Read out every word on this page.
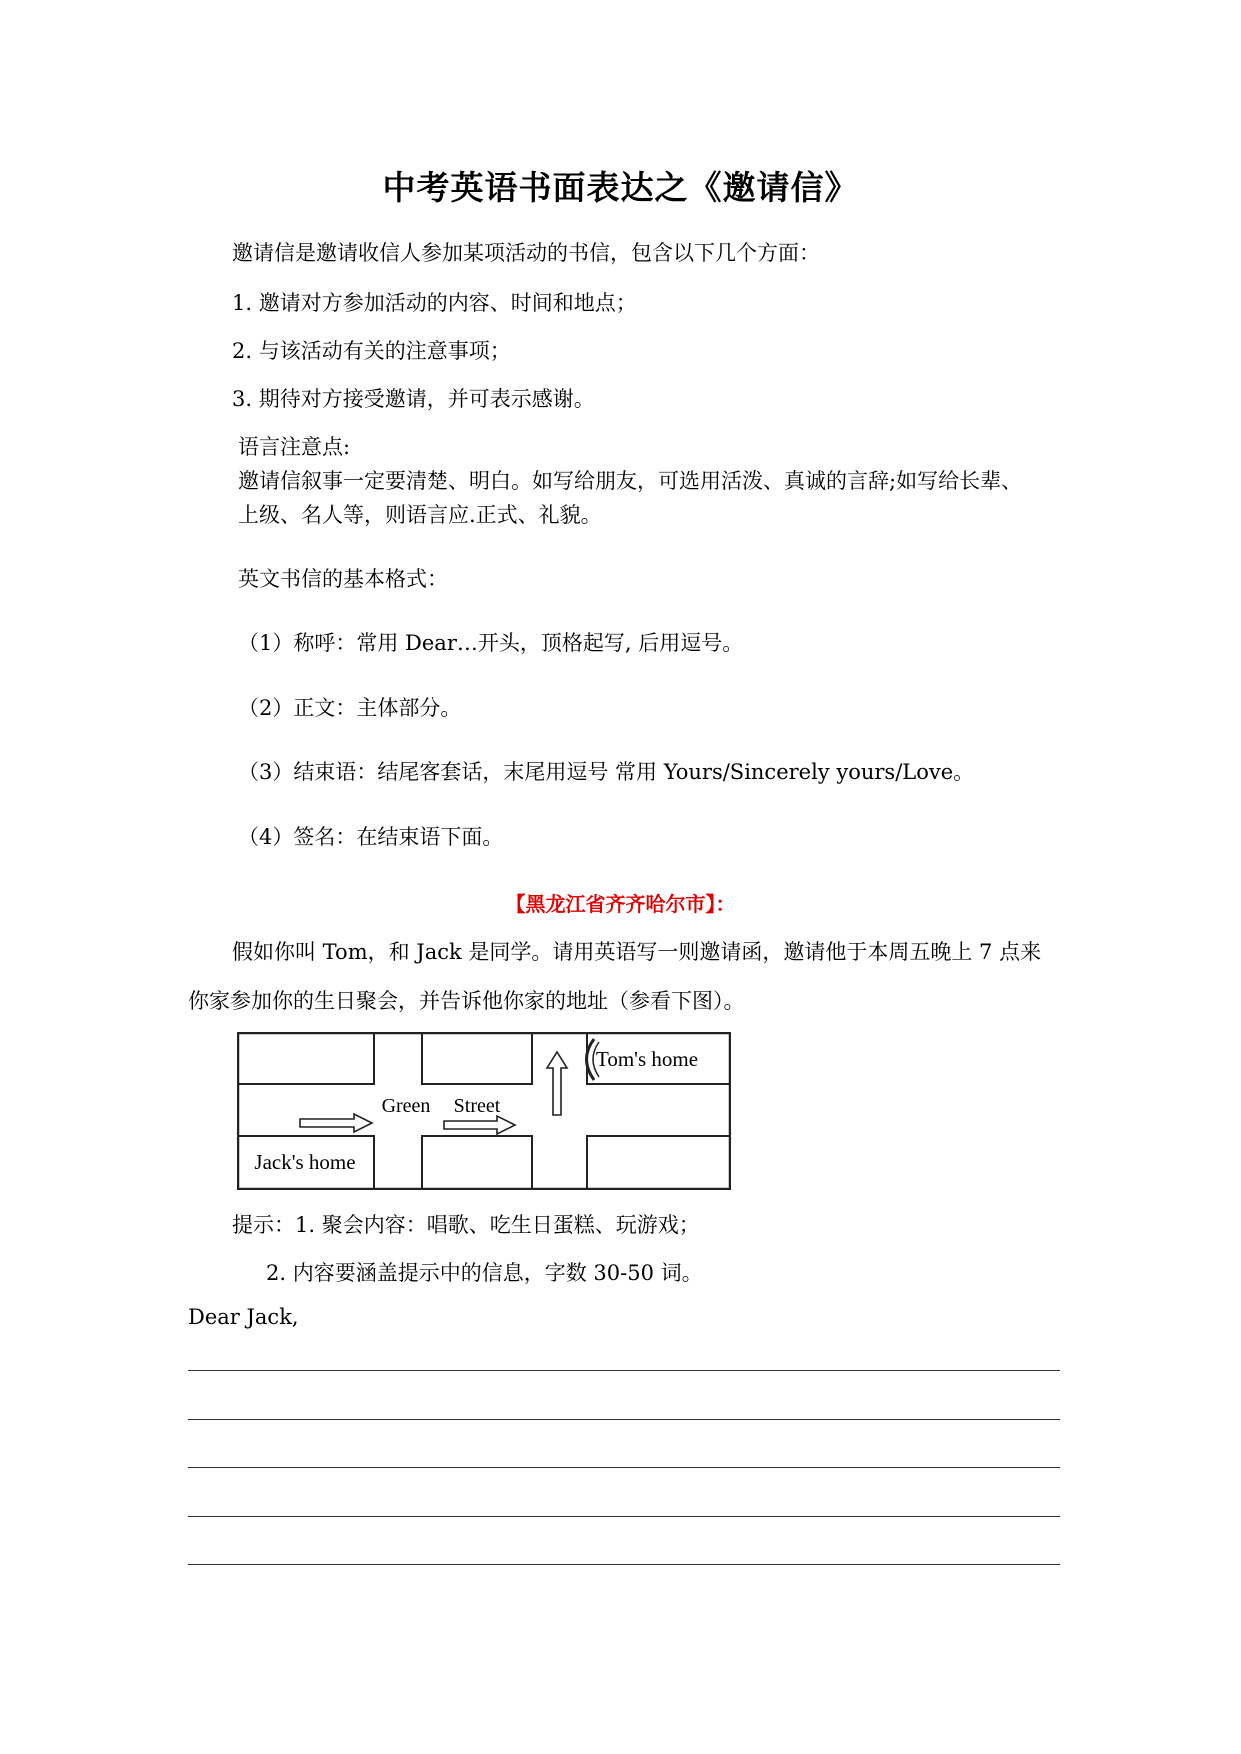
中考英语书面表达之《邀请信》
邀请信是邀请收信人参加某项活动的书信，包含以下几个方面：
1. 邀请对方参加活动的内容、时间和地点；
2. 与该活动有关的注意事项；
3. 期待对方接受邀请，并可表示感谢。
语言注意点:
邀请信叙事一定要清楚、明白。如写给朋友，可选用活泼、真诚的言辞;如写给长辈、
上级、名人等，则语言应.正式、礼貌。
英文书信的基本格式：
（1）称呼：常用 Dear…开头，顶格起写, 后用逗号。
（2）正文：主体部分。
（3）结束语：结尾客套话，末尾用逗号 常用 Yours/Sincerely yours/Love。
（4）签名：在结束语下面。
【黑龙江省齐齐哈尔市】：
假如你叫 Tom，和 Jack 是同学。请用英语写一则邀请函，邀请他于本周五晚上 7 点来
你家参加你的生日聚会，并告诉他你家的地址（参看下图）。
Tom's home
Jack's home
Green Street
提示：1. 聚会内容：唱歌、吃生日蛋糕、玩游戏；
2. 内容要涵盖提示中的信息，字数 30-50 词。
Dear Jack,
